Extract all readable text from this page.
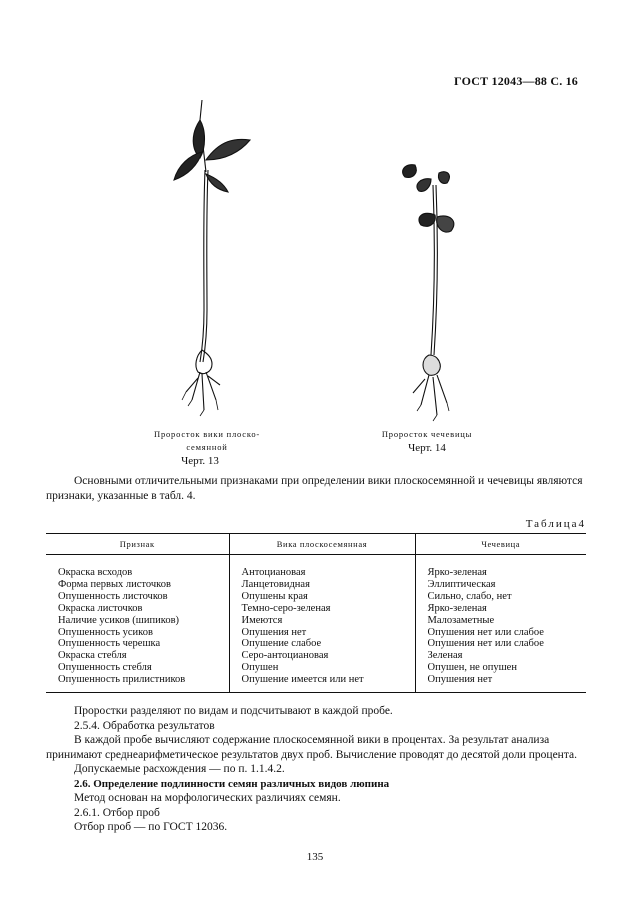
ГОСТ 12043—88 С. 16
Проросток вики плоско-
семянной
Черт. 13
Проросток чечевицы
Черт. 14

Основными отличительными признаками при определении вики плоскосемянной и чечевицы являются признаки, указанные в табл. 4.

Таблица4
Признак	Вика плоскосемянная	Чечевица

Окраска всходов	Антоциановая	Ярко-зеленая
Форма первых листочков	Ланцетовидная	Эллиптическая
Опушенность листочков	Опушены края	Сильно, слабо, нет
Окраска листочков	Темно-серо-зеленая	Ярко-зеленая
Наличие усиков (шипиков)	Имеются	Малозаметные
Опушенность усиков	Опушения нет	Опушения нет или слабое
Опушенность черешка	Опушение слабое	Опушения нет или слабое
Окраска стебля	Серо-антоциановая	Зеленая
Опушенность стебля	Опушен	Опушен, не опушен
Опушенность прилистников	Опушение имеется или нет	Опушения нет

Проростки разделяют по видам и подсчитывают в каждой пробе.

2.5.4. Обработка результатов

В каждой пробе вычисляют содержание плоскосемянной вики в процентах. За результат анализа принимают среднеарифметическое результатов двух проб. Вычисление проводят до десятой доли процента.

Допускаемые расхождения — по п. 1.1.4.2.

2.6. Определение подлинности семян различных видов люпина

Метод основан на морфологических различиях семян.

2.6.1. Отбор проб

Отбор проб — по ГОСТ 12036.

135
